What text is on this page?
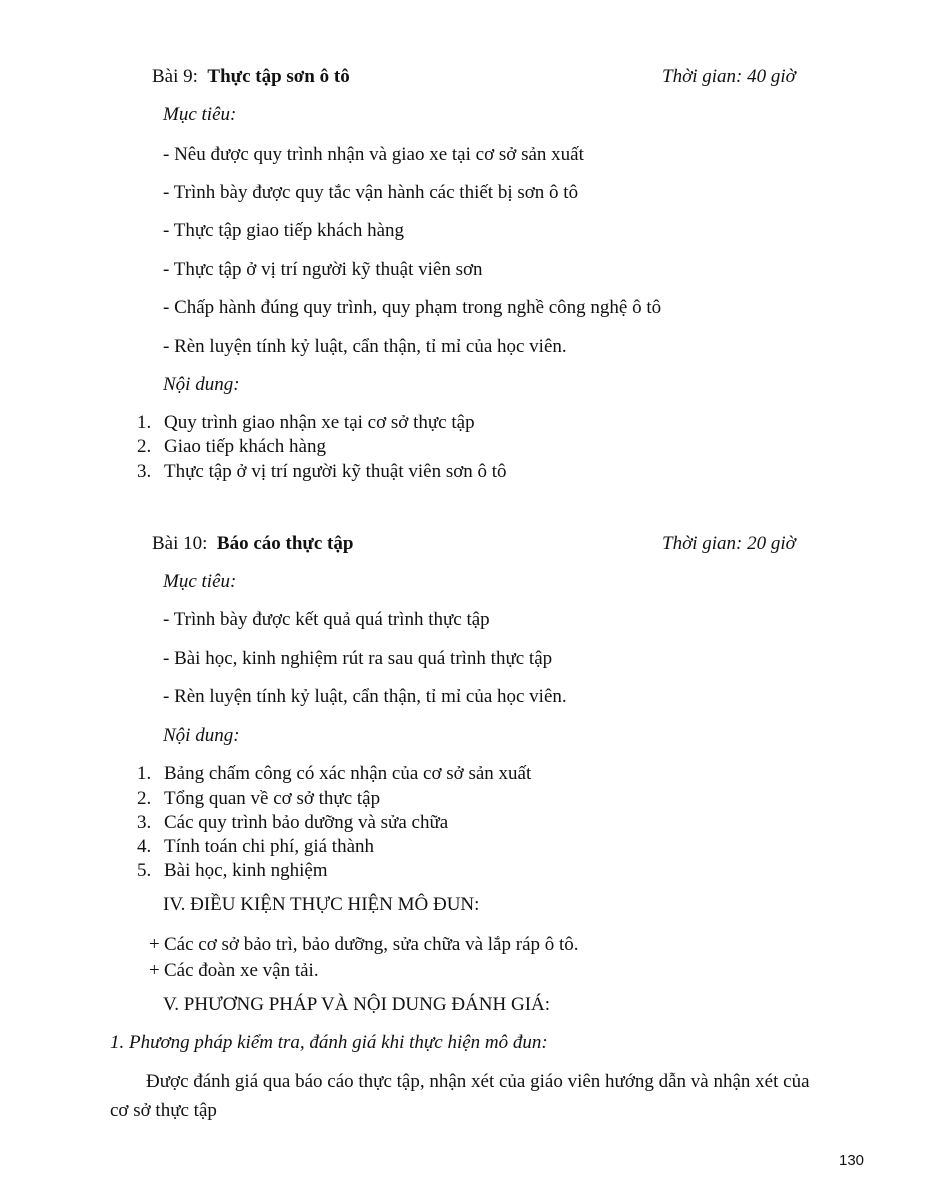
Bài 9: Thực tập sơn ô tô	Thời gian: 40 giờ
Mục tiêu:
- Nêu được quy trình nhận và giao xe tại cơ sở sản xuất
- Trình bày được quy tắc vận hành các thiết bị sơn ô tô
- Thực tập giao tiếp khách hàng
- Thực tập ở vị trí người kỹ thuật viên sơn
- Chấp hành đúng quy trình, quy phạm trong nghề công nghệ ô tô
- Rèn luyện tính kỷ luật, cẩn thận, tỉ mỉ của học viên.
Nội dung:
1. Quy trình giao nhận xe tại cơ sở thực tập
2. Giao tiếp khách hàng
3. Thực tập ở vị trí người kỹ thuật viên sơn ô tô
Bài 10: Báo cáo thực tập	Thời gian: 20 giờ
Mục tiêu:
- Trình bày được kết quả quá trình thực tập
- Bài học, kinh nghiệm rút ra sau quá trình thực tập
- Rèn luyện tính kỷ luật, cẩn thận, tỉ mỉ của học viên.
Nội dung:
1. Bảng chấm công có xác nhận của cơ sở sản xuất
2. Tổng quan về cơ sở thực tập
3. Các quy trình bảo dưỡng và sửa chữa
4. Tính toán chi phí, giá thành
5. Bài học, kinh nghiệm
IV. ĐIỀU KIỆN THỰC HIỆN MÔ ĐUN:
+ Các cơ sở bảo trì, bảo dưỡng, sửa chữa và lắp ráp ô tô.
+ Các đoàn xe vận tải.
V. PHƯƠNG PHÁP VÀ NỘI DUNG ĐÁNH GIÁ:
1. Phương pháp kiểm tra, đánh giá khi thực hiện mô đun:
Được đánh giá qua báo cáo thực tập, nhận xét của giáo viên hướng dẫn và nhận xét của
cơ sở thực tập
130
